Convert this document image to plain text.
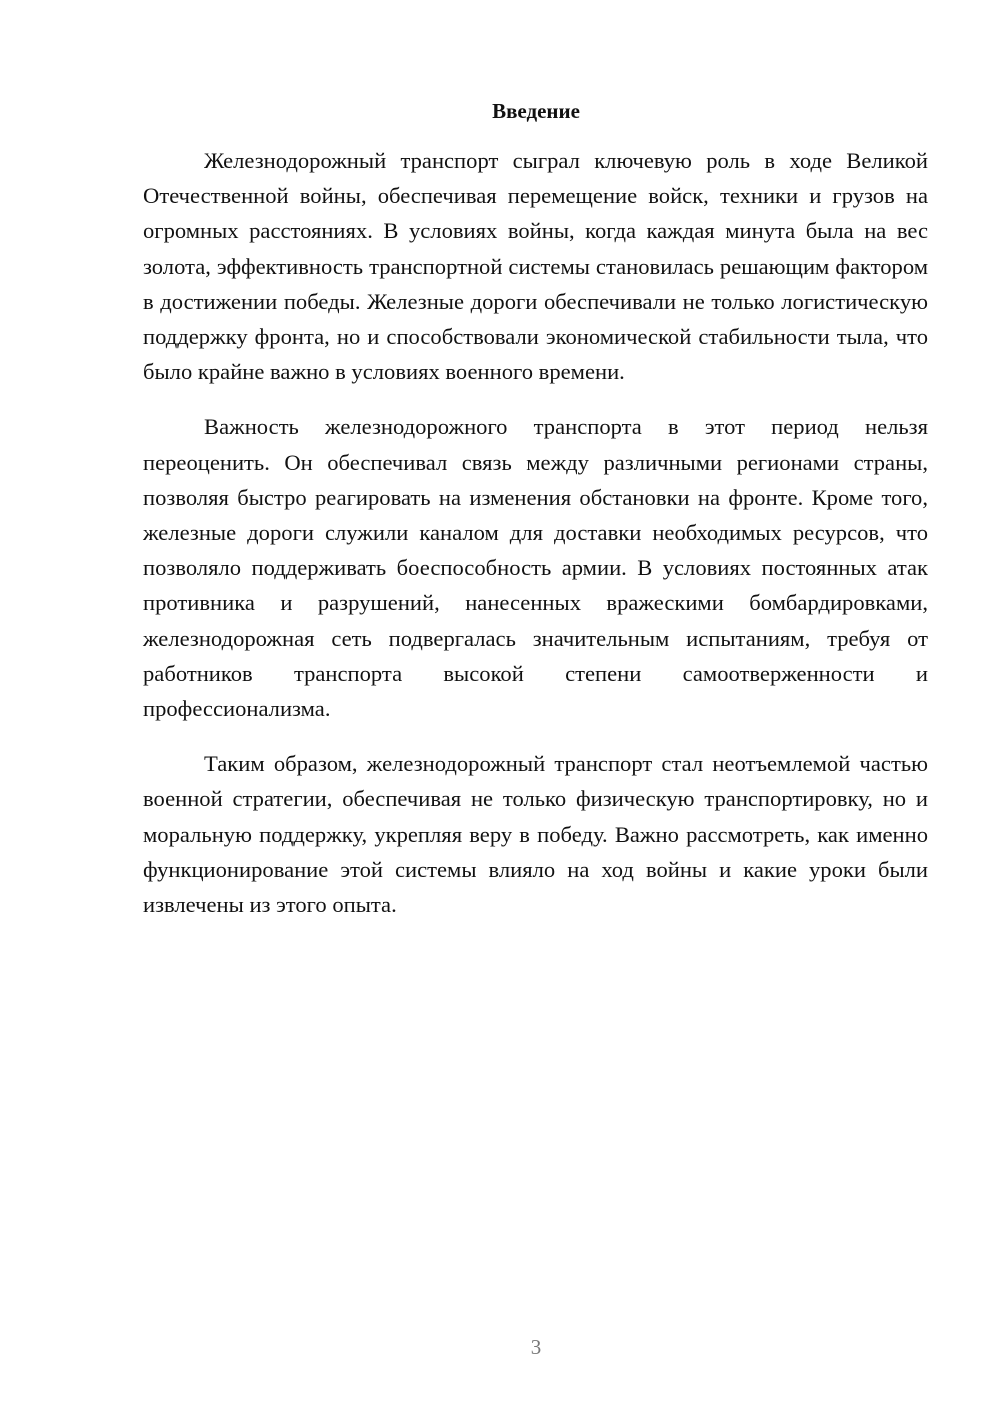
Введение

Железнодорожный транспорт сыграл ключевую роль в ходе Великой Отечественной войны, обеспечивая перемещение войск, техники и грузов на огромных расстояниях. В условиях войны, когда каждая минута была на вес золота, эффективность транспортной системы становилась решающим фактором в достижении победы. Железные дороги обеспечивали не только логистическую поддержку фронта, но и способствовали экономической стабильности тыла, что было крайне важно в условиях военного времени.

Важность железнодорожного транспорта в этот период нельзя переоценить. Он обеспечивал связь между различными регионами страны, позволяя быстро реагировать на изменения обстановки на фронте. Кроме того, железные дороги служили каналом для доставки необходимых ресурсов, что позволяло поддерживать боеспособность армии. В условиях постоянных атак противника и разрушений, нанесенных вражескими бомбардировками, железнодорожная сеть подвергалась значительным испытаниям, требуя от работников транспорта высокой степени самоотверженности и профессионализма.

Таким образом, железнодорожный транспорт стал неотъемлемой частью военной стратегии, обеспечивая не только физическую транспортировку, но и моральную поддержку, укрепляя веру в победу. Важно рассмотреть, как именно функционирование этой системы влияло на ход войны и какие уроки были извлечены из этого опыта.

3
